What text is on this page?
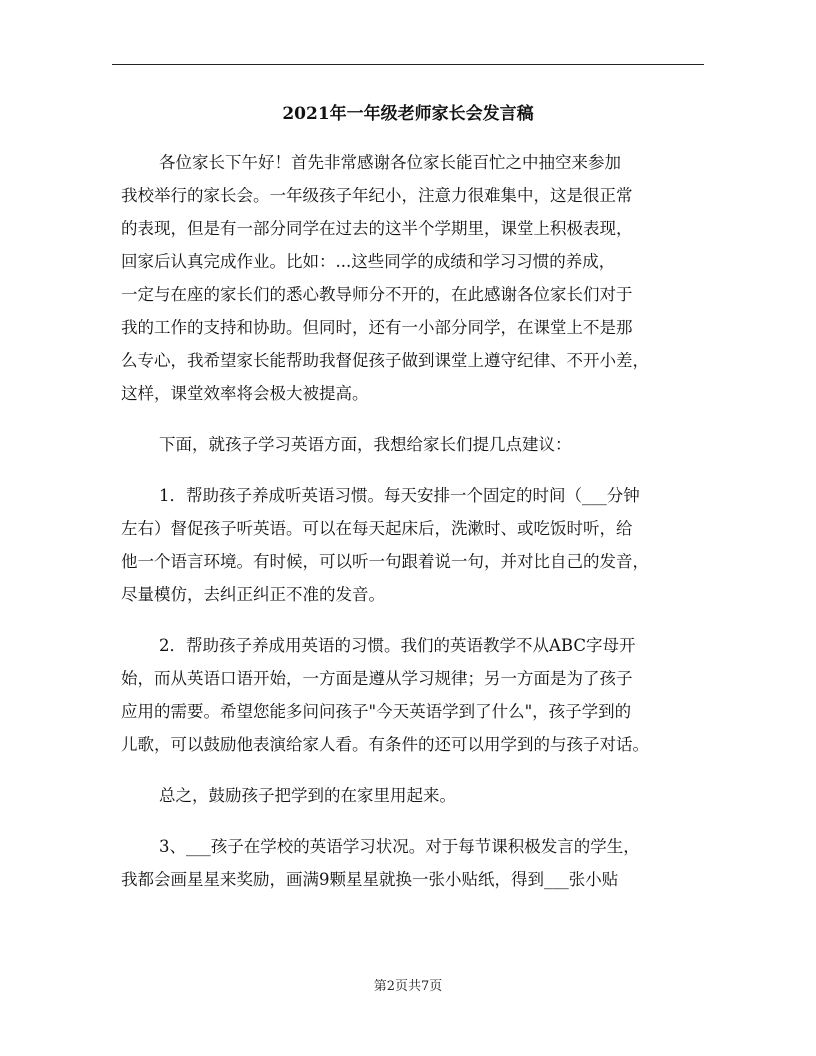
2021年一年级老师家长会发言稿
各位家长下午好！首先非常感谢各位家长能百忙之中抽空来参加
我校举行的家长会。一年级孩子年纪小，注意力很难集中，这是很正常
的表现，但是有一部分同学在过去的这半个学期里，课堂上积极表现，
回家后认真完成作业。比如：...这些同学的成绩和学习习惯的养成，
一定与在座的家长们的悉心教导师分不开的，在此感谢各位家长们对于
我的工作的支持和协助。但同时，还有一小部分同学，在课堂上不是那
么专心，我希望家长能帮助我督促孩子做到课堂上遵守纪律、不开小差，
这样，课堂效率将会极大被提高。
下面，就孩子学习英语方面，我想给家长们提几点建议：
1．帮助孩子养成听英语习惯。每天安排一个固定的时间（___分钟
左右）督促孩子听英语。可以在每天起床后，洗漱时、或吃饭时听，给
他一个语言环境。有时候，可以听一句跟着说一句，并对比自己的发音，
尽量模仿，去纠正纠正不准的发音。
2．帮助孩子养成用英语的习惯。我们的英语教学不从ABC字母开
始，而从英语口语开始，一方面是遵从学习规律；另一方面是为了孩子
应用的需要。希望您能多问问孩子"今天英语学到了什么"，孩子学到的
儿歌，可以鼓励他表演给家人看。有条件的还可以用学到的与孩子对话。
总之，鼓励孩子把学到的在家里用起来。
3、___孩子在学校的英语学习状况。对于每节课积极发言的学生，
我都会画星星来奖励，画满9颗星星就换一张小贴纸，得到___张小贴
第2页共7页
